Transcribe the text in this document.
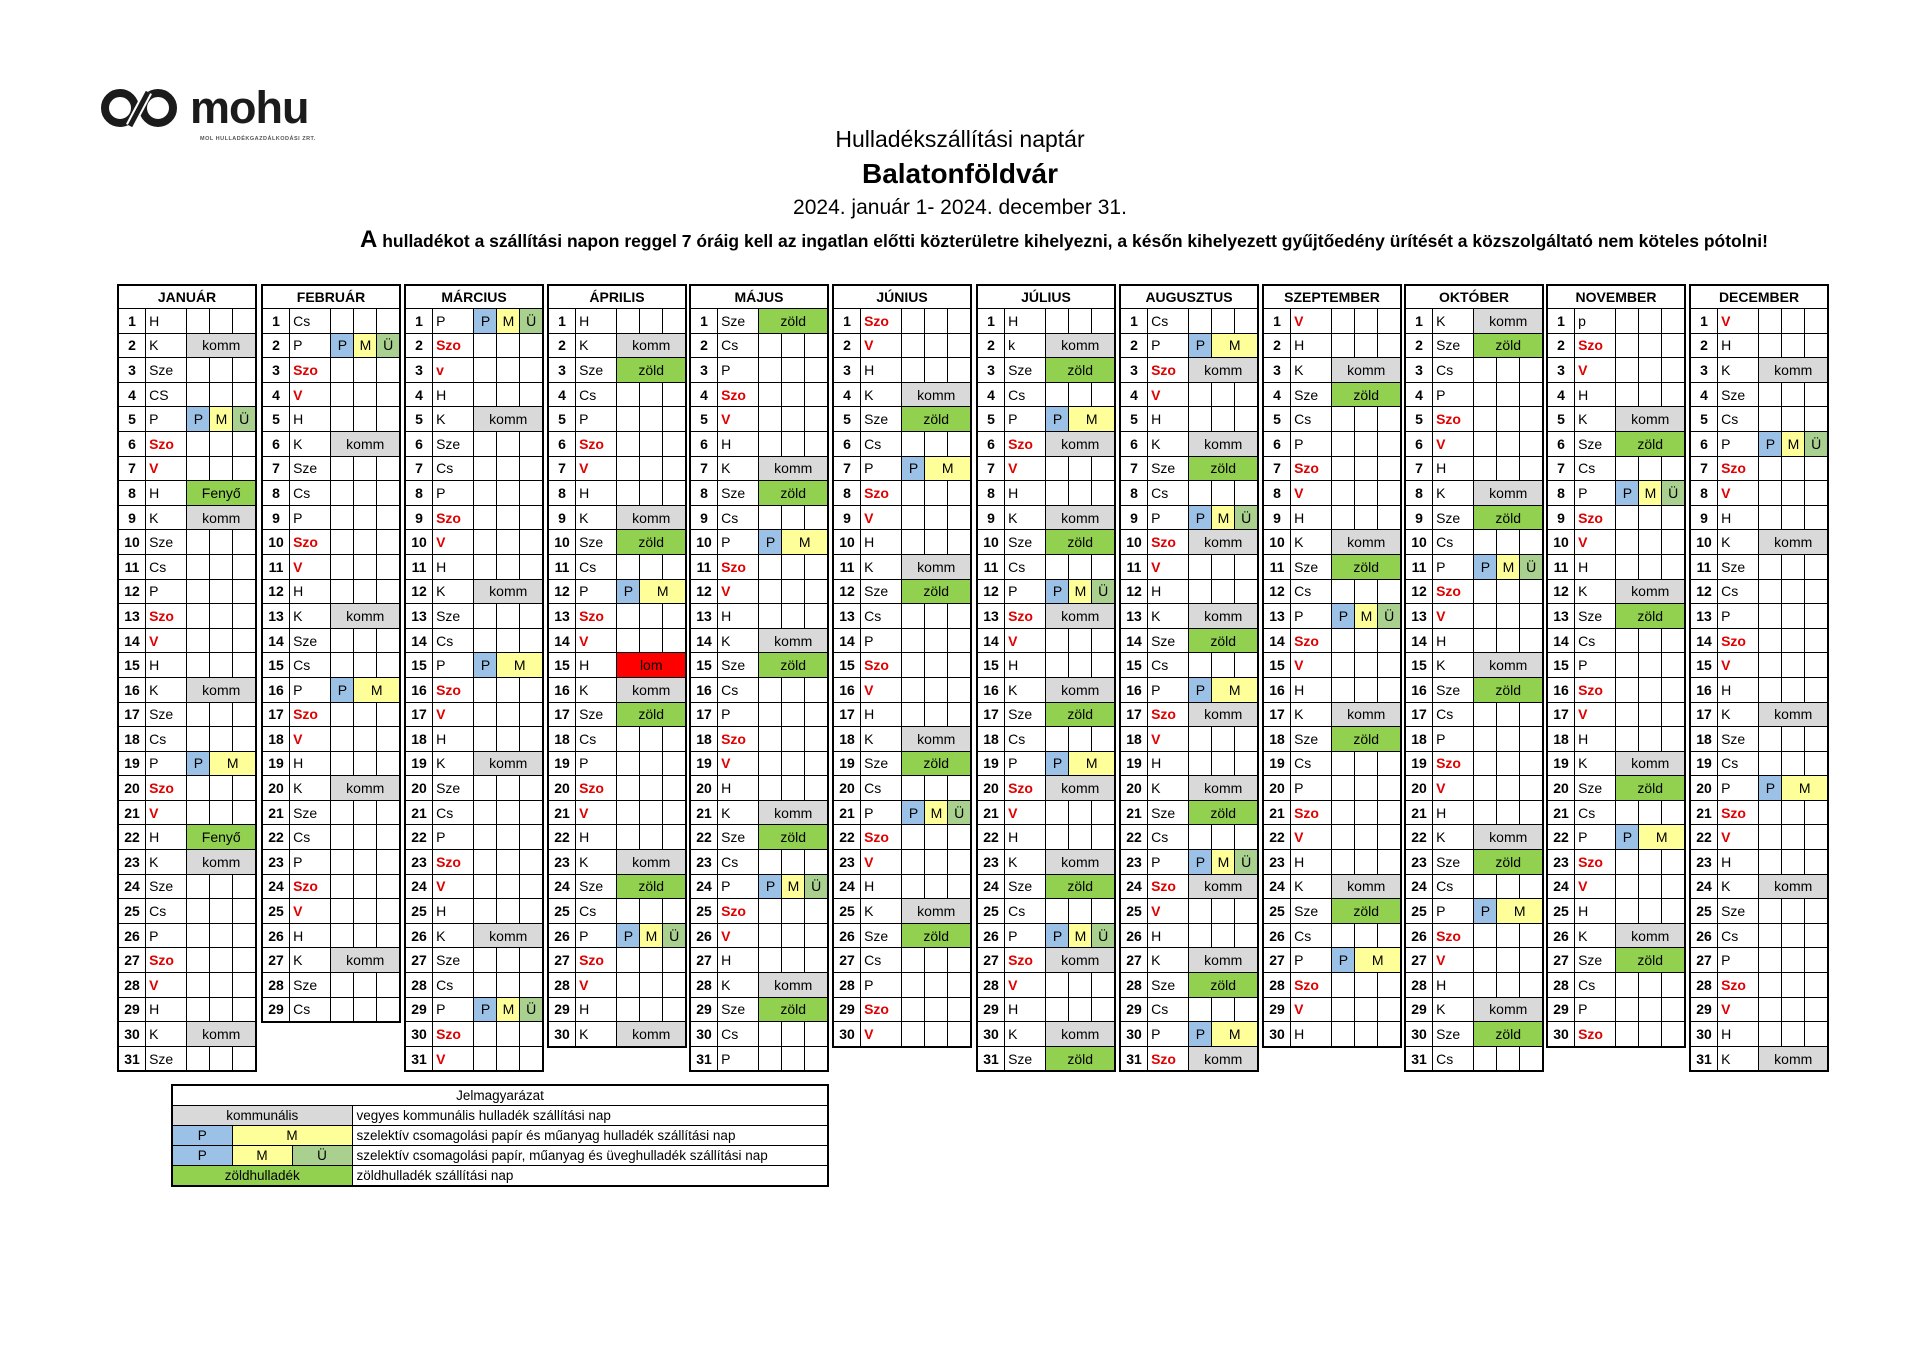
mohu
MOL HULLADÉKGAZDÁLKODÁSI ZRT.	Hulladékszállítási naptár
Balatonföldvár
2024. január 1- 2024. december 31.
A hulladékot a szállítási napon reggel 7 óráig kell az ingatlan előtti közterületre kihelyezni, a későn kihelyezett gyűjtőedény ürítését a közszolgáltató nem köteles pótolni!
JANUÁR				
1	H			
2	K	komm		
3	Sze			
4	CS			
5	P	P	M	Ü
6	Szo			
7	V			
8	H	Fenyő		
9	K	komm		
10	Sze			
11	Cs			
12	P			
13	Szo			
14	V			
15	H			
16	K	komm		
17	Sze			
18	Cs			
19	P	P	M	
20	Szo			
21	V			
22	H	Fenyő		
23	K	komm		
24	Sze			
25	Cs			
26	P			
27	Szo			
28	V			
29	H			
30	K	komm		
31	Sze			
FEBRUÁR				
1	Cs			
2	P	P	M	Ü
3	Szo			
4	V			
5	H			
6	K	komm		
7	Sze			
8	Cs			
9	P			
10	Szo			
11	V			
12	H			
13	K	komm		
14	Sze			
15	Cs			
16	P	P	M	
17	Szo			
18	V			
19	H			
20	K	komm		
21	Sze			
22	Cs			
23	P			
24	Szo			
25	V			
26	H			
27	K	komm		
28	Sze			
29	Cs			
MÁRCIUS				
1	P	P	M	Ü
2	Szo			
3	v			
4	H			
5	K	komm		
6	Sze			
7	Cs			
8	P			
9	Szo			
10	V			
11	H			
12	K	komm		
13	Sze			
14	Cs			
15	P	P	M	
16	Szo			
17	V			
18	H			
19	K	komm		
20	Sze			
21	Cs			
22	P			
23	Szo			
24	V			
25	H			
26	K	komm		
27	Sze			
28	Cs			
29	P	P	M	Ü
30	Szo			
31	V			
ÁPRILIS				
1	H			
2	K	komm		
3	Sze	zöld		
4	Cs			
5	P			
6	Szo			
7	V			
8	H			
9	K	komm		
10	Sze	zöld		
11	Cs			
12	P	P	M	
13	Szo			
14	V			
15	H	lom		
16	K	komm		
17	Sze	zöld		
18	Cs			
19	P			
20	Szo			
21	V			
22	H			
23	K	komm		
24	Sze	zöld		
25	Cs			
26	P	P	M	Ü
27	Szo			
28	V			
29	H			
30	K	komm		
MÁJUS				
1	Sze	zöld		
2	Cs			
3	P			
4	Szo			
5	V			
6	H			
7	K	komm		
8	Sze	zöld		
9	Cs			
10	P	P	M	
11	Szo			
12	V			
13	H			
14	K	komm		
15	Sze	zöld		
16	Cs			
17	P			
18	Szo			
19	V			
20	H			
21	K	komm		
22	Sze	zöld		
23	Cs			
24	P	P	M	Ü
25	Szo			
26	V			
27	H			
28	K	komm		
29	Sze	zöld		
30	Cs			
31	P			
JÚNIUS				
1	Szo			
2	V			
3	H			
4	K	komm		
5	Sze	zöld		
6	Cs			
7	P	P	M	
8	Szo			
9	V			
10	H			
11	K	komm		
12	Sze	zöld		
13	Cs			
14	P			
15	Szo			
16	V			
17	H			
18	K	komm		
19	Sze	zöld		
20	Cs			
21	P	P	M	Ü
22	Szo			
23	V			
24	H			
25	K	komm		
26	Sze	zöld		
27	Cs			
28	P			
29	Szo			
30	V			
JÚLIUS				
1	H			
2	k	komm		
3	Sze	zöld		
4	Cs			
5	P	P	M	
6	Szo	komm		
7	V			
8	H			
9	K	komm		
10	Sze	zöld		
11	Cs			
12	P	P	M	Ü
13	Szo	komm		
14	V			
15	H			
16	K	komm		
17	Sze	zöld		
18	Cs			
19	P	P	M	
20	Szo	komm		
21	V			
22	H			
23	K	komm		
24	Sze	zöld		
25	Cs			
26	P	P	M	Ü
27	Szo	komm		
28	V			
29	H			
30	K	komm		
31	Sze	zöld		
AUGUSZTUS				
1	Cs			
2	P	P	M	
3	Szo	komm		
4	V			
5	H			
6	K	komm		
7	Sze	zöld		
8	Cs			
9	P	P	M	Ü
10	Szo	komm		
11	V			
12	H			
13	K	komm		
14	Sze	zöld		
15	Cs			
16	P	P	M	
17	Szo	komm		
18	V			
19	H			
20	K	komm		
21	Sze	zöld		
22	Cs			
23	P	P	M	Ü
24	Szo	komm		
25	V			
26	H			
27	K	komm		
28	Sze	zöld		
29	Cs			
30	P	P	M	
31	Szo	komm		
SZEPTEMBER				
1	V			
2	H			
3	K	komm		
4	Sze	zöld		
5	Cs			
6	P			
7	Szo			
8	V			
9	H			
10	K	komm		
11	Sze	zöld		
12	Cs			
13	P	P	M	Ü
14	Szo			
15	V			
16	H			
17	K	komm		
18	Sze	zöld		
19	Cs			
20	P			
21	Szo			
22	V			
23	H			
24	K	komm		
25	Sze	zöld		
26	Cs			
27	P	P	M	
28	Szo			
29	V			
30	H			
OKTÓBER				
1	K	komm		
2	Sze	zöld		
3	Cs			
4	P			
5	Szo			
6	V			
7	H			
8	K	komm		
9	Sze	zöld		
10	Cs			
11	P	P	M	Ü
12	Szo			
13	V			
14	H			
15	K	komm		
16	Sze	zöld		
17	Cs			
18	P			
19	Szo			
20	V			
21	H			
22	K	komm		
23	Sze	zöld		
24	Cs			
25	P	P	M	
26	Szo			
27	V			
28	H			
29	K	komm		
30	Sze	zöld		
31	Cs			
NOVEMBER				
1	p			
2	Szo			
3	V			
4	H			
5	K	komm		
6	Sze	zöld		
7	Cs			
8	P	P	M	Ü
9	Szo			
10	V			
11	H			
12	K	komm		
13	Sze	zöld		
14	Cs			
15	P			
16	Szo			
17	V			
18	H			
19	K	komm		
20	Sze	zöld		
21	Cs			
22	P	P	M	
23	Szo			
24	V			
25	H			
26	K	komm		
27	Sze	zöld		
28	Cs			
29	P			
30	Szo			
DECEMBER				
1	V			
2	H			
3	K	komm		
4	Sze			
5	Cs			
6	P	P	M	Ü
7	Szo			
8	V			
9	H			
10	K	komm		
11	Sze			
12	Cs			
13	P			
14	Szo			
15	V			
16	H			
17	K	komm		
18	Sze			
19	Cs			
20	P	P	M	
21	Szo			
22	V			
23	H			
24	K	komm		
25	Sze			
26	Cs			
27	P			
28	Szo			
29	V			
30	H			
31	K	komm		
Jelmagyarázat			
kommunális			vegyes kommunális hulladék szállítási nap
P	M		szelektív csomagolási papír és műanyag hulladék szállítási nap
P	M	Ü	szelektív csomagolási papír, műanyag és üveghulladék szállítási nap
zöldhulladék			zöldhulladék szállítási nap
